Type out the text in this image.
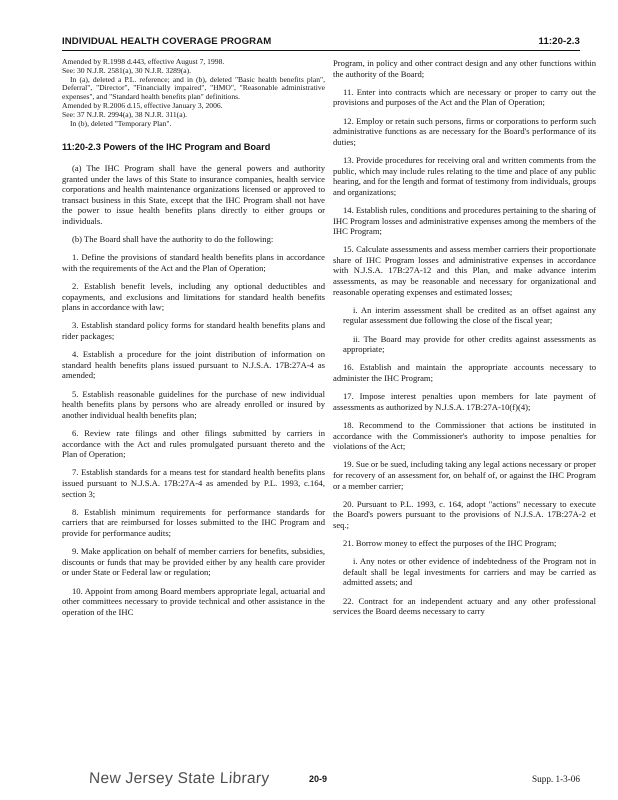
INDIVIDUAL HEALTH COVERAGE PROGRAM	11:20-2.3

Amended by R.1998 d.443, effective August 7, 1998.

See: 30 N.J.R. 2581(a), 30 N.J.R. 3289(a).

In (a), deleted a P.L. reference; and in (b), deleted "Basic health benefits plan", Deferral", "Director", "Financially impaired", "HMO", "Reasonable administrative expenses", and "Standard health benefits plan" definitions.

Amended by R.2006 d.15, effective January 3, 2006.

See: 37 N.J.R. 2994(a), 38 N.J.R. 311(a).

In (b), deleted "Temporary Plan".

11:20-2.3 Powers of the IHC Program and Board

(a) The IHC Program shall have the general powers and authority granted under the laws of this State to insurance companies, health service corporations and health maintenance organizations licensed or approved to transact business in this State, except that the IHC Program shall not have the power to issue health benefits plans directly to either groups or individuals.

(b) The Board shall have the authority to do the following:

1. Define the provisions of standard health benefits plans in accordance with the requirements of the Act and the Plan of Operation;

2. Establish benefit levels, including any optional deductibles and copayments, and exclusions and limitations for standard health benefits plans in accordance with law;

3. Establish standard policy forms for standard health benefits plans and rider packages;

4. Establish a procedure for the joint distribution of information on standard health benefits plans issued pursuant to N.J.S.A. 17B:27A-4 as amended;

5. Establish reasonable guidelines for the purchase of new individual health benefits plans by persons who are already enrolled or insured by another individual health benefits plan;

6. Review rate filings and other filings submitted by carriers in accordance with the Act and rules promulgated pursuant thereto and the Plan of Operation;

7. Establish standards for a means test for standard health benefits plans issued pursuant to N.J.S.A. 17B:27A-4 as amended by P.L. 1993, c.164, section 3;

8. Establish minimum requirements for performance standards for carriers that are reimbursed for losses submitted to the IHC Program and provide for performance audits;

9. Make application on behalf of member carriers for benefits, subsidies, discounts or funds that may be provided either by any health care provider or under State or Federal law or regulation;

10. Appoint from among Board members appropriate legal, actuarial and other committees necessary to provide technical and other assistance in the operation of the IHC

Program, in policy and other contract design and any other functions within the authority of the Board;

11. Enter into contracts which are necessary or proper to carry out the provisions and purposes of the Act and the Plan of Operation;

12. Employ or retain such persons, firms or corporations to perform such administrative functions as are necessary for the Board's performance of its duties;

13. Provide procedures for receiving oral and written comments from the public, which may include rules relating to the time and place of any public hearing, and for the length and format of testimony from individuals, groups and organizations;

14. Establish rules, conditions and procedures pertaining to the sharing of IHC Program losses and administrative expenses among the members of the IHC Program;

15. Calculate assessments and assess member carriers their proportionate share of IHC Program losses and administrative expenses in accordance with N.J.S.A. 17B:27A-12 and this Plan, and make advance interim assessments, as may be reasonable and necessary for organizational and reasonable operating expenses and estimated losses;

i. An interim assessment shall be credited as an offset against any regular assessment due following the close of the fiscal year;

ii. The Board may provide for other credits against assessments as appropriate;

16. Establish and maintain the appropriate accounts necessary to administer the IHC Program;

17. Impose interest penalties upon members for late payment of assessments as authorized by N.J.S.A. 17B:27A-10(f)(4);

18. Recommend to the Commissioner that actions be instituted in accordance with the Commissioner's authority to impose penalties for violations of the Act;

19. Sue or be sued, including taking any legal actions necessary or proper for recovery of an assessment for, on behalf of, or against the IHC Program or a member carrier;

20. Pursuant to P.L. 1993, c. 164, adopt "actions" necessary to execute the Board's powers pursuant to the provisions of N.J.S.A. 17B:27A-2 et seq.;

21. Borrow money to effect the purposes of the IHC Program;

i. Any notes or other evidence of indebtedness of the Program not in default shall be legal investments for carriers and may be carried as admitted assets; and

22. Contract for an independent actuary and any other professional services the Board deems necessary to carry

New Jersey State Library	20-9	Supp. 1-3-06
